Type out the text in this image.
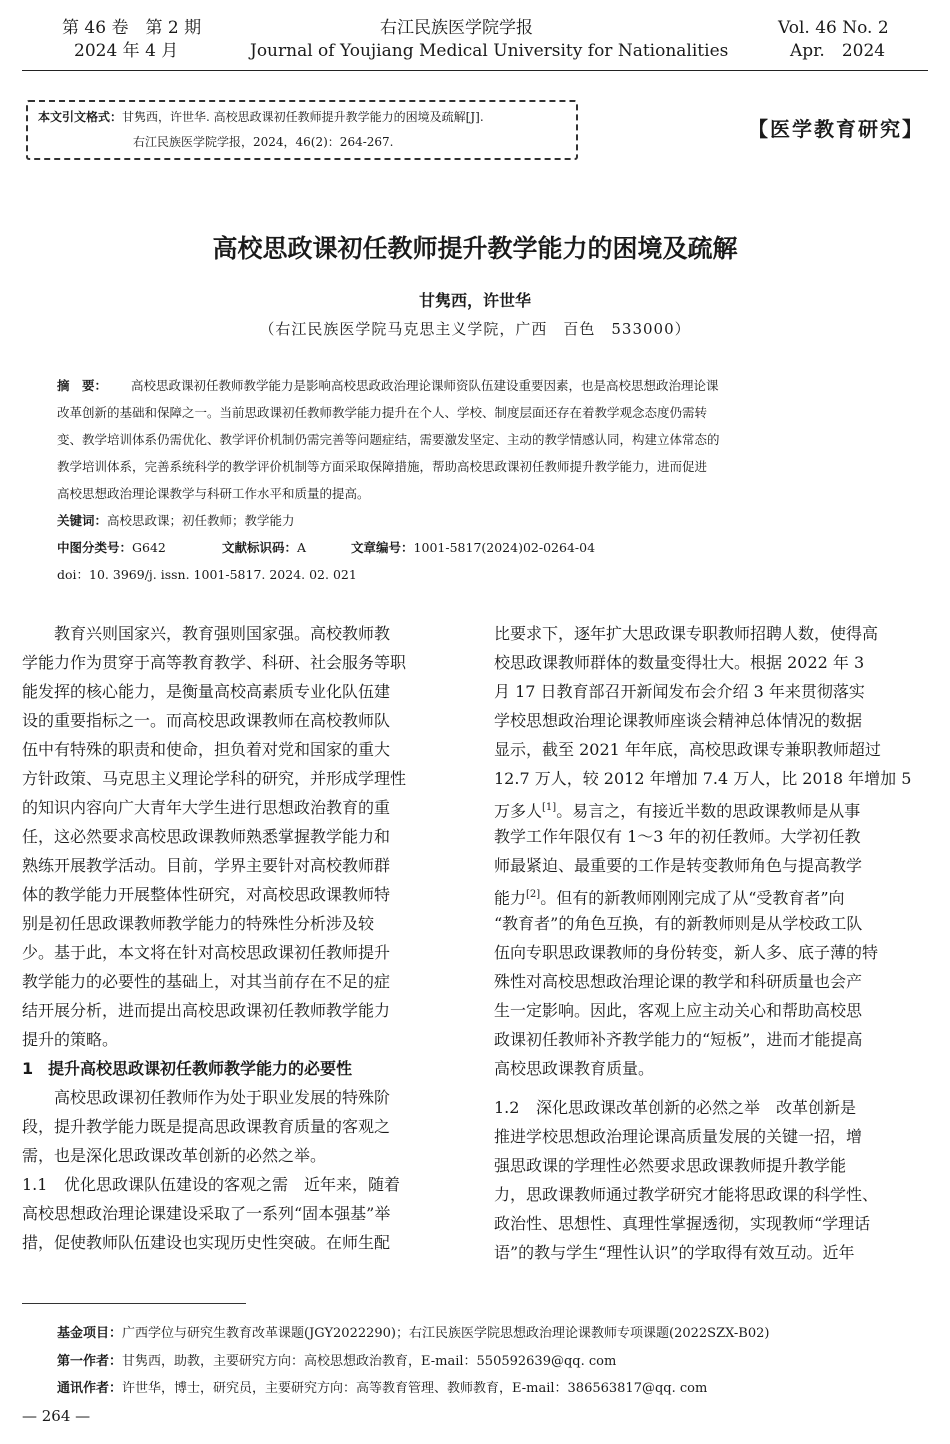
第 46 卷　第 2 期
2024 年 4 月
右江民族医学院学报
Journal of Youjiang Medical University for Nationalities
Vol. 46 No. 2
Apr.　2024
本文引文格式：甘隽西，许世华. 高校思政课初任教师提升教学能力的困境及疏解[J].
右江民族医学院学报，2024，46(2)：264-267.
【医学教育研究】
高校思政课初任教师提升教学能力的困境及疏解
甘隽西，许世华
（右江民族医学院马克思主义学院，广西　百色　533000）
摘　要： 高校思政课初任教师教学能力是影响高校思政政治理论课师资队伍建设重要因素，也是高校思想政治理论课
改革创新的基础和保障之一。当前思政课初任教师教学能力提升在个人、学校、制度层面还存在着教学观念态度仍需转
变、教学培训体系仍需优化、教学评价机制仍需完善等问题症结，需要激发坚定、主动的教学情感认同，构建立体常态的
教学培训体系，完善系统科学的教学评价机制等方面采取保障措施，帮助高校思政课初任教师提升教学能力，进而促进
高校思想政治理论课教学与科研工作水平和质量的提高。
关键词：高校思政课；初任教师；教学能力
中图分类号：G642	文献标识码：A	文章编号：1001-5817(2024)02-0264-04
doi：10. 3969/j. issn. 1001-5817. 2024. 02. 021
　　教育兴则国家兴，教育强则国家强。高校教师教
学能力作为贯穿于高等教育教学、科研、社会服务等职
能发挥的核心能力，是衡量高校高素质专业化队伍建
设的重要指标之一。而高校思政课教师在高校教师队
伍中有特殊的职责和使命，担负着对党和国家的重大
方针政策、马克思主义理论学科的研究，并形成学理性
的知识内容向广大青年大学生进行思想政治教育的重
任，这必然要求高校思政课教师熟悉掌握教学能力和
熟练开展教学活动。目前，学界主要针对高校教师群
体的教学能力开展整体性研究，对高校思政课教师特
别是初任思政课教师教学能力的特殊性分析涉及较
少。基于此，本文将在针对高校思政课初任教师提升
教学能力的必要性的基础上，对其当前存在不足的症
结开展分析，进而提出高校思政课初任教师教学能力
提升的策略。
1 提升高校思政课初任教师教学能力的必要性
　　高校思政课初任教师作为处于职业发展的特殊阶
段，提升教学能力既是提高思政课教育质量的客观之
需，也是深化思政课改革创新的必然之举。
1.1 优化思政课队伍建设的客观之需　近年来，随着
高校思想政治理论课建设采取了一系列“固本强基”举
措，促使教师队伍建设也实现历史性突破。在师生配
比要求下，逐年扩大思政课专职教师招聘人数，使得高
校思政课教师群体的数量变得壮大。根据 2022 年 3
月 17 日教育部召开新闻发布会介绍 3 年来贯彻落实
学校思想政治理论课教师座谈会精神总体情况的数据
显示，截至 2021 年年底，高校思政课专兼职教师超过
12.7 万人，较 2012 年增加 7.4 万人，比 2018 年增加 5
万多人[1]。易言之，有接近半数的思政课教师是从事
教学工作年限仅有 1～3 年的初任教师。大学初任教
师最紧迫、最重要的工作是转变教师角色与提高教学
能力[2]。但有的新教师刚刚完成了从“受教育者”向
“教育者”的角色互换，有的新教师则是从学校政工队
伍向专职思政课教师的身份转变，新人多、底子薄的特
殊性对高校思想政治理论课的教学和科研质量也会产
生一定影响。因此，客观上应主动关心和帮助高校思
政课初任教师补齐教学能力的“短板”，进而才能提高
高校思政课教育质量。
1.2 深化思政课改革创新的必然之举　改革创新是
推进学校思想政治理论课高质量发展的关键一招，增
强思政课的学理性必然要求思政课教师提升教学能
力，思政课教师通过教学研究才能将思政课的科学性、
政治性、思想性、真理性掌握透彻，实现教师“学理话
语”的教与学生“理性认识”的学取得有效互动。近年
基金项目：广西学位与研究生教育改革课题(JGY2022290)；右江民族医学院思想政治理论课教师专项课题(2022SZX-B02)
第一作者：甘隽西，助教，主要研究方向：高校思想政治教育，E-mail：550592639@qq. com
通讯作者：许世华，博士，研究员，主要研究方向：高等教育管理、教师教育，E-mail：386563817@qq. com
— 264 —
